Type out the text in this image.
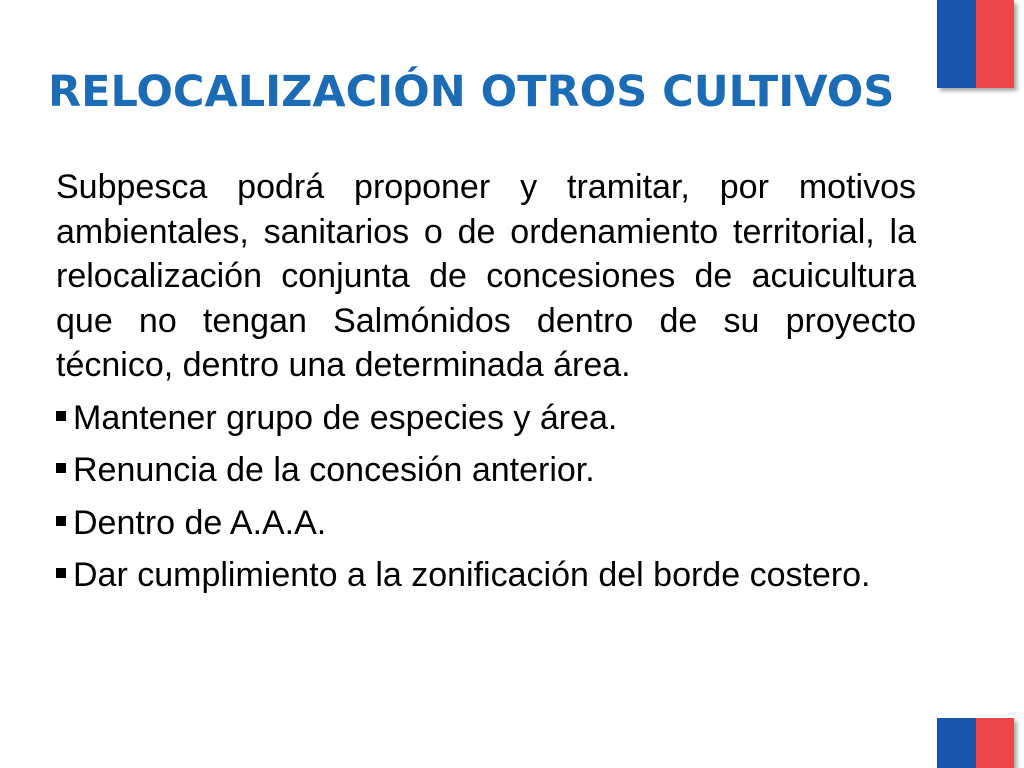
RELOCALIZACIÓN OTROS CULTIVOS
Subpesca podrá proponer y tramitar, por motivos
ambientales, sanitarios o de ordenamiento territorial, la
relocalización conjunta de concesiones de acuicultura
que no tengan Salmónidos dentro de su proyecto
técnico, dentro una determinada área.
Mantener grupo de especies y área.
Renuncia de la concesión anterior.
Dentro de A.A.A.
Dar cumplimiento a la zonificación del borde costero.
